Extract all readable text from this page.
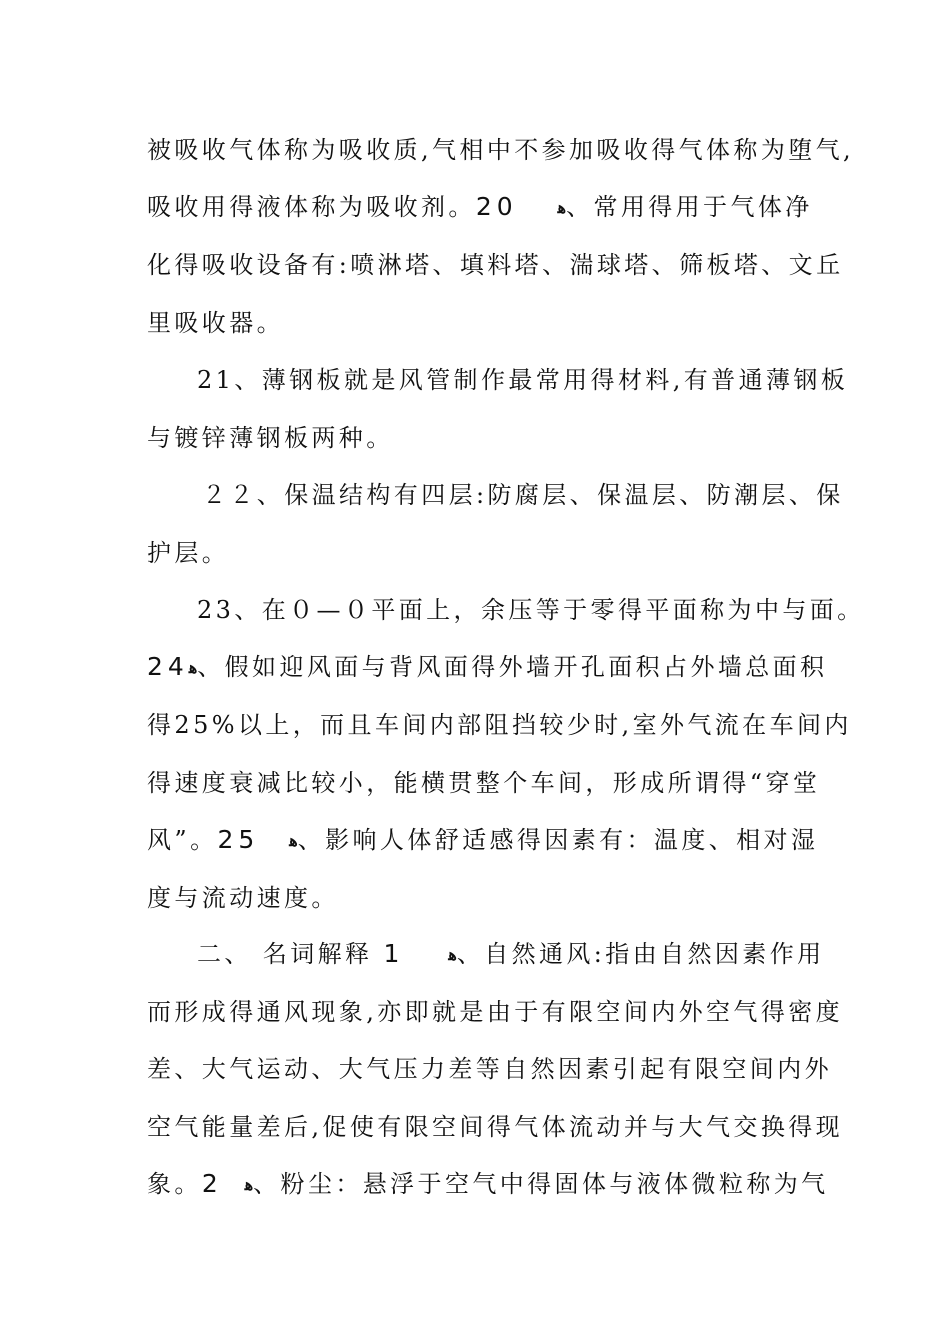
被吸收气体称为吸收质,气相中不参加吸收得气体称为堕气,
吸收用得液体称为吸收剂。20	ﻫ、常用得用于气体净
化得吸收设备有:喷淋塔、填料塔、湍球塔、筛板塔、文丘
里吸收器。
21、薄钢板就是风管制作最常用得材料,有普通薄钢板
与镀锌薄钢板两种。
２２、保温结构有四层:防腐层、保温层、防潮层、保
护层。
23、在０—０平面上，余压等于零得平面称为中与面。
24ﻫ、假如迎风面与背风面得外墙开孔面积占外墙总面积
得25%以上，而且车间内部阻挡较少时,室外气流在车间内
得速度衰减比较小，能横贯整个车间，形成所谓得“穿堂
风”。25 ﻫ、影响人体舒适感得因素有：温度、相对湿
度与流动速度。
二、 名词解释 1	ﻫ、自然通风:指由自然因素作用
而形成得通风现象,亦即就是由于有限空间内外空气得密度
差、大气运动、大气压力差等自然因素引起有限空间内外
空气能量差后,促使有限空间得气体流动并与大气交换得现
象。2 ﻫ、粉尘：悬浮于空气中得固体与液体微粒称为气
